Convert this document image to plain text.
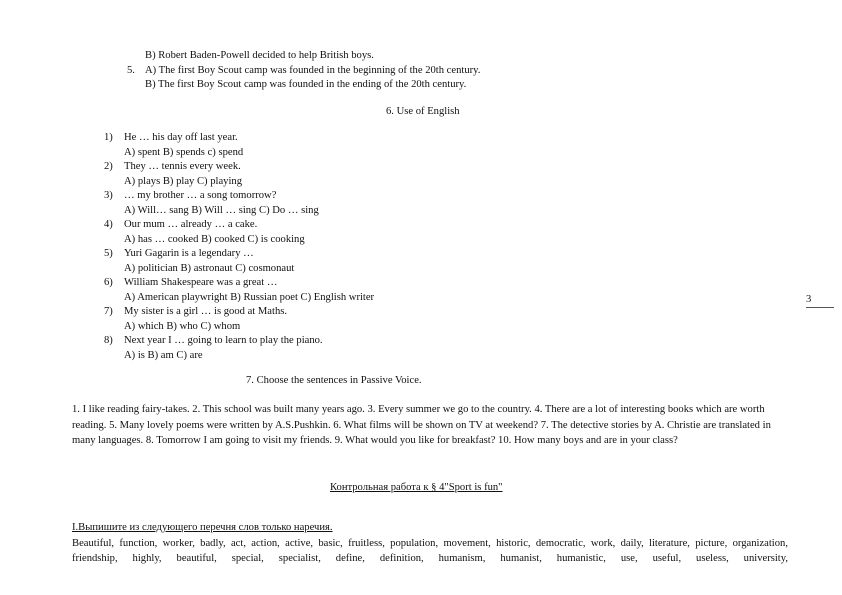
B) Robert Baden-Powell decided to help British boys.
5. A) The first Boy Scout camp was founded in the beginning of the 20th century.
B) The first Boy Scout camp was founded in the ending of the 20th century.
6. Use of English
1) He … his day off last year.
A) spent B) spends c) spend
2) They … tennis every week.
A) plays B) play C) playing
3) … my brother … a song tomorrow?
A) Will… sang B) Will … sing C) Do … sing
4) Our mum … already … a cake.
A) has … cooked B) cooked C) is cooking
5) Yuri Gagarin is a legendary …
A) politician B) astronaut C) cosmonaut
6) William Shakespeare was a great …
A) American playwright B) Russian poet C) English writer
7) My sister is a girl … is good at Maths.
A) which B) who C) whom
8) Next year I … going to learn to play the piano.
A) is B) am C) are
3
7. Choose the sentences in Passive Voice.
1. I like reading fairy-takes. 2. This school was built many years ago. 3. Every summer we go to the country. 4. There are a lot of interesting books which are worth reading. 5. Many lovely poems were written by A.S.Pushkin. 6. What films will be shown on TV at weekend? 7. The detective stories by A. Christie are translated in many languages. 8. Tomorrow I am going to visit my friends. 9. What would you like for breakfast? 10. How many boys and are in your class?
Контрольная работа к § 4"Sport is fun"
I.Выпишите из следующего перечня слов только наречия.
Beautiful, function, worker, badly, act, action, active, basic, fruitless, population, movement, historic, democratic, work, daily, literature, picture, organization, friendship, highly, beautiful, special, specialist, define, definition, humanism, humanist, humanistic, use, useful, useless, university,
